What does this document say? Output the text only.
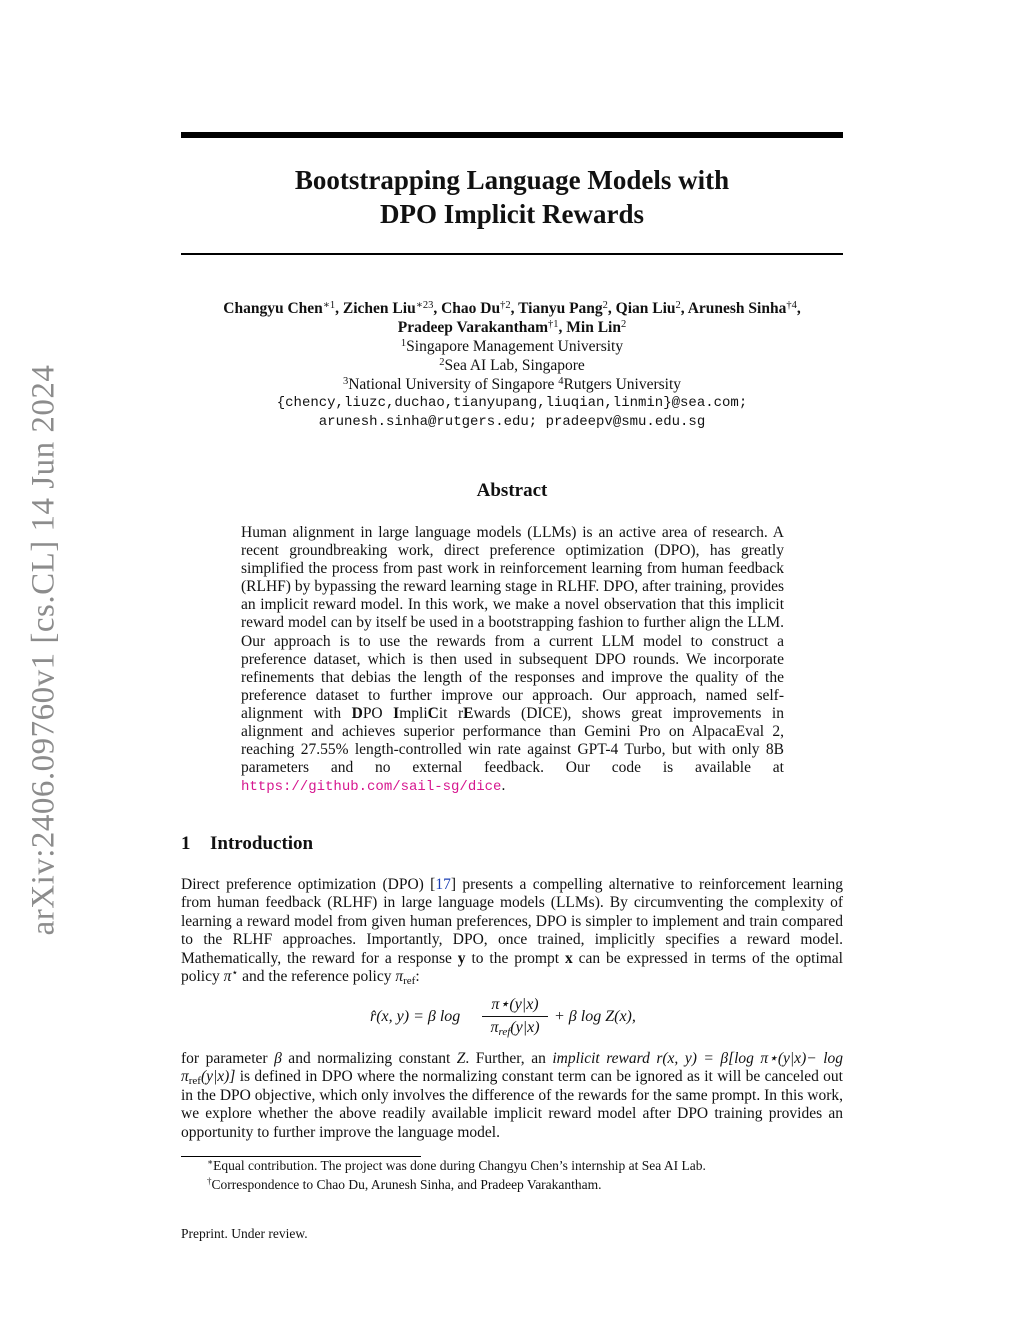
arXiv:2406.09760v1 [cs.CL] 14 Jun 2024
Bootstrapping Language Models with
DPO Implicit Rewards
Changyu Chen$^{∗1}$, Zichen Liu$^{∗23}$, Chao Du$^{\dagger 2}$, Tianyu Pang$^2$, Qian Liu$^2$, Arunesh Sinha$^{\dagger 4}$,
Pradeep Varakantham$^{\dagger 1}$, Min Lin$^2$
$^1$Singapore Management University
$^2$Sea AI Lab, Singapore
$^3$National University of Singapore $^4$Rutgers University
{chency,liuzc,duchao,tianyupang,liuqian,linmin}@sea.com;
arunesh.sinha@rutgers.edu; pradeepv@smu.edu.sg
Abstract
Human alignment in large language models (LLMs) is an active area of research. A recent groundbreaking work, direct preference optimization (DPO), has greatly simplified the process from past work in reinforcement learning from human feedback (RLHF) by bypassing the reward learning stage in RLHF. DPO, after training, provides an implicit reward model. In this work, we make a novel observation that this implicit reward model can by itself be used in a bootstrapping fashion to further align the LLM. Our approach is to use the rewards from a current LLM model to construct a preference dataset, which is then used in subsequent DPO rounds. We incorporate refinements that debias the length of the responses and improve the quality of the preference dataset to further improve our approach. Our approach, named self-alignment with DPO ImpliCit rEwards (DICE), shows great improvements in alignment and achieves superior performance than Gemini Pro on AlpacaEval 2, reaching 27.55% length-controlled win rate against GPT-4 Turbo, but with only 8B parameters and no external feedback. Our code is available at https://github.com/sail-sg/dice.
1 Introduction
Direct preference optimization (DPO) [17] presents a compelling alternative to reinforcement learning from human feedback (RLHF) in large language models (LLMs). By circumventing the complexity of learning a reward model from given human preferences, DPO is simpler to implement and train compared to the RLHF approaches. Importantly, DPO, once trained, implicitly specifies a reward model. Mathematically, the reward for a response y to the prompt x can be expressed in terms of the optimal policy π⋆ and the reference policy $\pi_{ref}$:
r̂(x, y) = β log
π⋆(y|x)
$\pi_{ref}(y|x)$
+ β log Z(x),
for parameter β and normalizing constant Z. Further, an implicit reward r(x, y) = β[log π⋆(y|x)− $\log \pi_{ref}(y|x)$] is defined in DPO where the normalizing constant term can be ignored as it will be canceled out in the DPO objective, which only involves the difference of the rewards for the same prompt. In this work, we explore whether the above readily available implicit reward model after DPO training provides an opportunity to further improve the language model.
∗Equal contribution. The project was done during Changyu Chen’s internship at Sea AI Lab.
†Correspondence to Chao Du, Arunesh Sinha, and Pradeep Varakantham.
Preprint. Under review.
